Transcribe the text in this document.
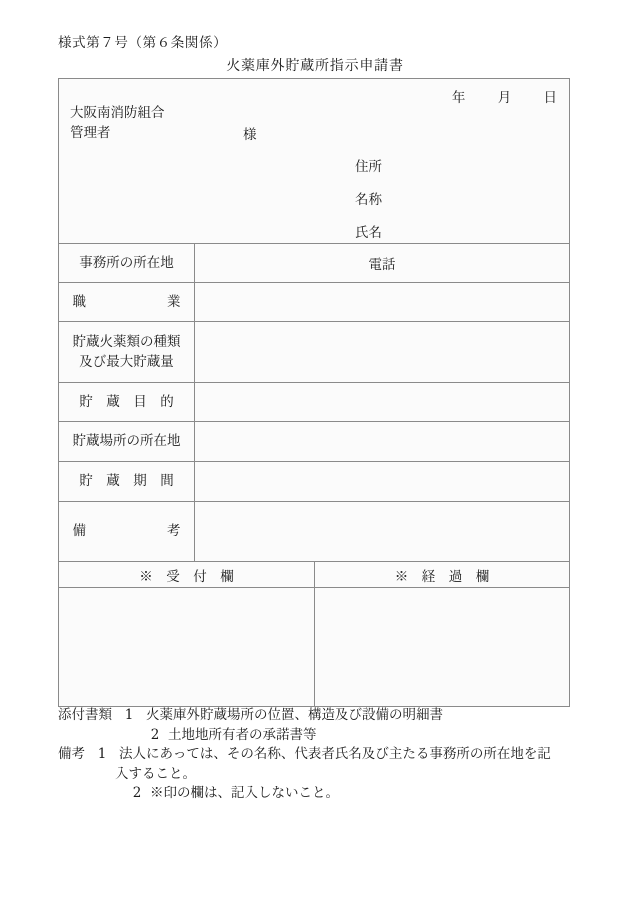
様式第７号（第６条関係）
火薬庫外貯蔵所指示申請書
年 月 日
大阪南消防組合
管理者	様
住所
名称
氏名
事務所の所在地	電話
職　　　　　　業
貯蔵火薬類の種類
及び最大貯蔵量
貯　蔵　目　的
貯蔵場所の所在地
貯　蔵　期　間
備　　　　　　考
※　受　付　欄	※　経　過　欄
添付書類 1 火薬庫外貯蔵場所の位置、構造及び設備の明細書
2 土地地所有者の承諾書等
備考 1 法人にあっては、その名称、代表者氏名及び主たる事務所の所在地を記
入すること。
2 ※印の欄は、記入しないこと。
